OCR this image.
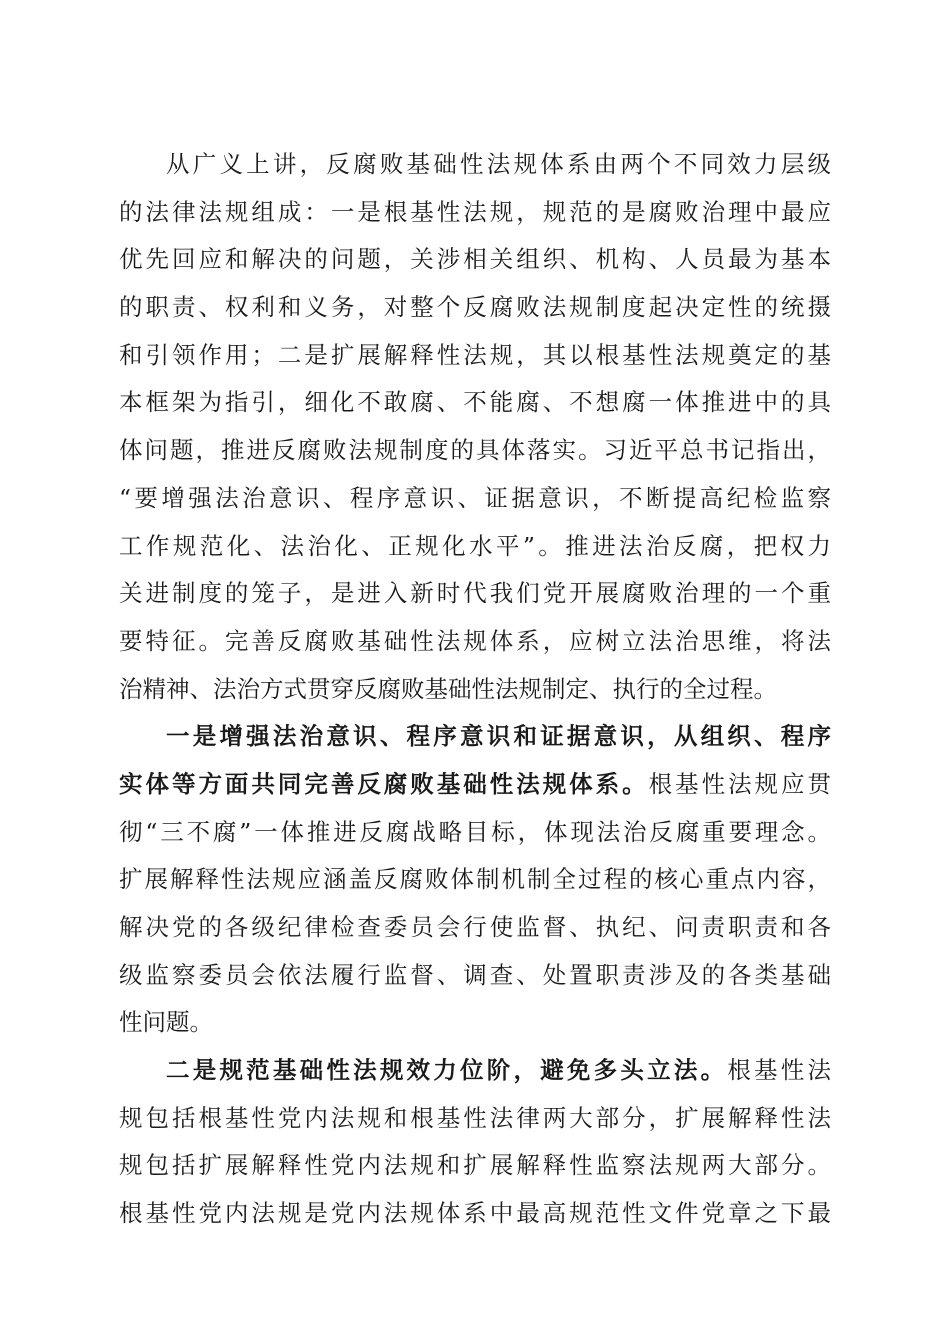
从广义上讲，反腐败基础性法规体系由两个不同效力层级
的法律法规组成：一是根基性法规，规范的是腐败治理中最应
优先回应和解决的问题，关涉相关组织、机构、人员最为基本
的职责、权利和义务，对整个反腐败法规制度起决定性的统摄
和引领作用；二是扩展解释性法规，其以根基性法规奠定的基
本框架为指引，细化不敢腐、不能腐、不想腐一体推进中的具
体问题，推进反腐败法规制度的具体落实。习近平总书记指出，
“要增强法治意识、程序意识、证据意识，不断提高纪检监察
工作规范化、法治化、正规化水平”。推进法治反腐，把权力
关进制度的笼子，是进入新时代我们党开展腐败治理的一个重
要特征。完善反腐败基础性法规体系，应树立法治思维，将法
治精神、法治方式贯穿反腐败基础性法规制定、执行的全过程。
一是增强法治意识、程序意识和证据意识，从组织、程序
实体等方面共同完善反腐败基础性法规体系。根基性法规应贯
彻“三不腐”一体推进反腐战略目标，体现法治反腐重要理念。
扩展解释性法规应涵盖反腐败体制机制全过程的核心重点内容，
解决党的各级纪律检查委员会行使监督、执纪、问责职责和各
级监察委员会依法履行监督、调查、处置职责涉及的各类基础
性问题。
二是规范基础性法规效力位阶，避免多头立法。根基性法
规包括根基性党内法规和根基性法律两大部分，扩展解释性法
规包括扩展解释性党内法规和扩展解释性监察法规两大部分。
根基性党内法规是党内法规体系中最高规范性文件党章之下最
